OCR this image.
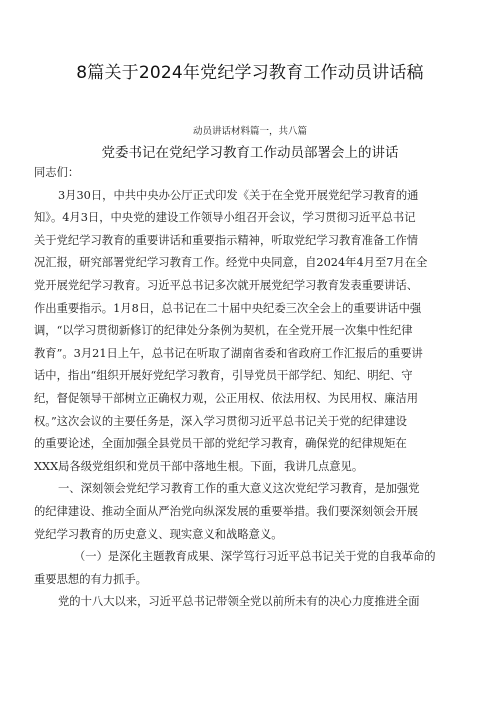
8篇关于2024年党纪学习教育工作动员讲话稿
动员讲话材料篇一，共八篇
党委书记在党纪学习教育工作动员部署会上的讲话
同志们：
3月30日，中共中央办公厅正式印发《关于在全党开展党纪学习教育的通
知》。4月3日，中央党的建设工作领导小组召开会议，学习贯彻习近平总书记
关于党纪学习教育的重要讲话和重要指示精神，听取党纪学习教育准备工作情
况汇报，研究部署党纪学习教育工作。经党中央同意，自2024年4月至7月在全
党开展党纪学习教育。习近平总书记多次就开展党纪学习教育发表重要讲话、
作出重要指示。1月8日，总书记在二十届中央纪委三次全会上的重要讲话中强
调，“以学习贯彻新修订的纪律处分条例为契机，在全党开展一次集中性纪律
教育”。3月21日上午，总书记在听取了湖南省委和省政府工作汇报后的重要讲
话中，指出“组织开展好党纪学习教育，引导党员干部学纪、知纪、明纪、守
纪，督促领导干部树立正确权力观，公正用权、依法用权、为民用权、廉洁用
权。”这次会议的主要任务是，深入学习贯彻习近平总书记关于党的纪律建设
的重要论述，全面加强全县党员干部的党纪学习教育，确保党的纪律规矩在
XXX局各级党组织和党员干部中落地生根。下面，我讲几点意见。
一、深刻领会党纪学习教育工作的重大意义这次党纪学习教育，是加强党
的纪律建设、推动全面从严治党向纵深发展的重要举措。我们要深刻领会开展
党纪学习教育的历史意义、现实意义和战略意义。
（一）是深化主题教育成果、深学笃行习近平总书记关于党的自我革命的
重要思想的有力抓手。
党的十八大以来，习近平总书记带领全党以前所未有的决心力度推进全面
